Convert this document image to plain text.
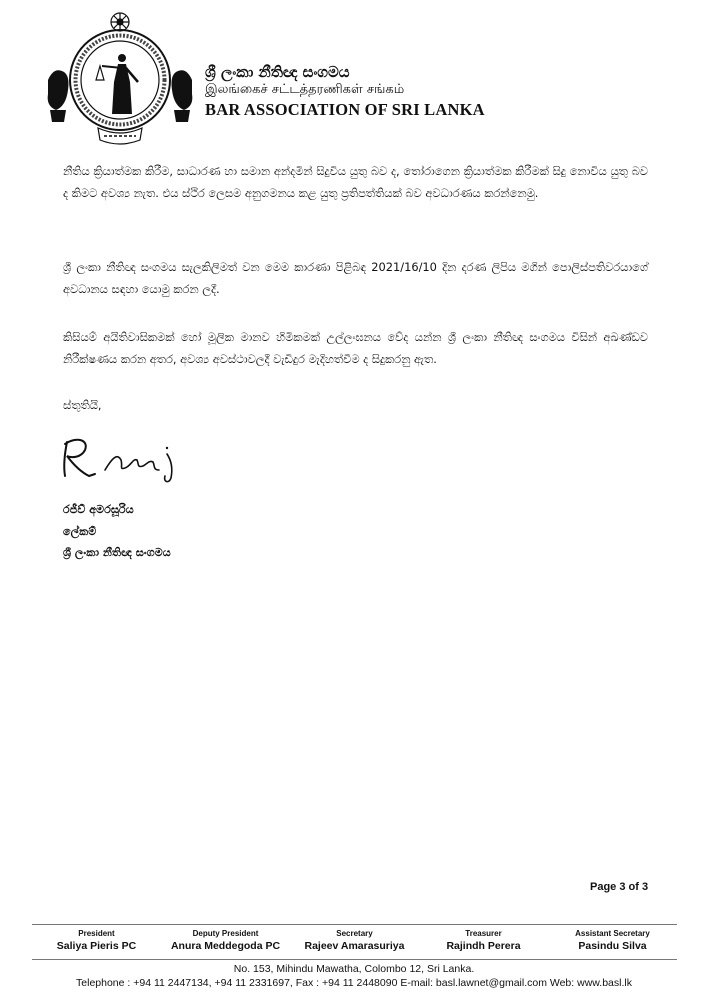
ශ්‍රී ලංකා නීතිඥ සංගමය
இலங்கைச் சட்டத்தரணிகள் சங்கம்
BAR ASSOCIATION OF SRI LANKA
නීතිය ක්‍රියාත්මක කිරීම, සාධාරණ හා සමාන අන්දමින් සිදුවිය යුතු බව ද, තෝරාගෙන ක්‍රියාත්මක කිරීමක් සිදු නොවිය යුතු බව ද කිමට අවශ්‍ය නැත. එය ස්ථිර ලෙසම අනුගමනය කළ යුතු ප්‍රතිපත්තියක් බව අවධාරණය කරන්නෙමු.
ශ්‍රී ලංකා නීතිඥ සංගමය සැලකිලිමත් වන මෙම කාරණා පිළිබඳ 2021/16/10 දින දරණ ලිපිය මගින් පොලිස්පතිවරයාගේ අවධානය සඳහා යොමු කරන ලදී.
කිසියම් අයිතිවාසිකමක් හෝ මූලික මානව හිමිකමක් උල්ලංඝනය වේද යන්න ශ්‍රී ලංකා නීතිඥ සංගමය විසින් අඛණ්ඩව නිරීක්ෂණය කරන අතර, අවශ්‍ය අවස්ථාවලදී වැඩිදුර මැදිහත්වීම ද සිදුකරනු ඇත.
ස්තුතියි,
රජීව් අමරසූරිය
ලේකම්
ශ්‍රී ලංකා නීතිඥ සංගමය
Page 3 of 3
President
Saliya Pieris PC
Deputy President
Anura Meddegoda PC
Secretary
Rajeev Amarasuriya
Treasurer
Rajindh Perera
Assistant Secretary
Pasindu Silva
No. 153, Mihindu Mawatha, Colombo 12, Sri Lanka.
Telephone : +94 11 2447134, +94 11 2331697, Fax : +94 11 2448090 E-mail: basl.lawnet@gmail.com Web: www.basl.lk
